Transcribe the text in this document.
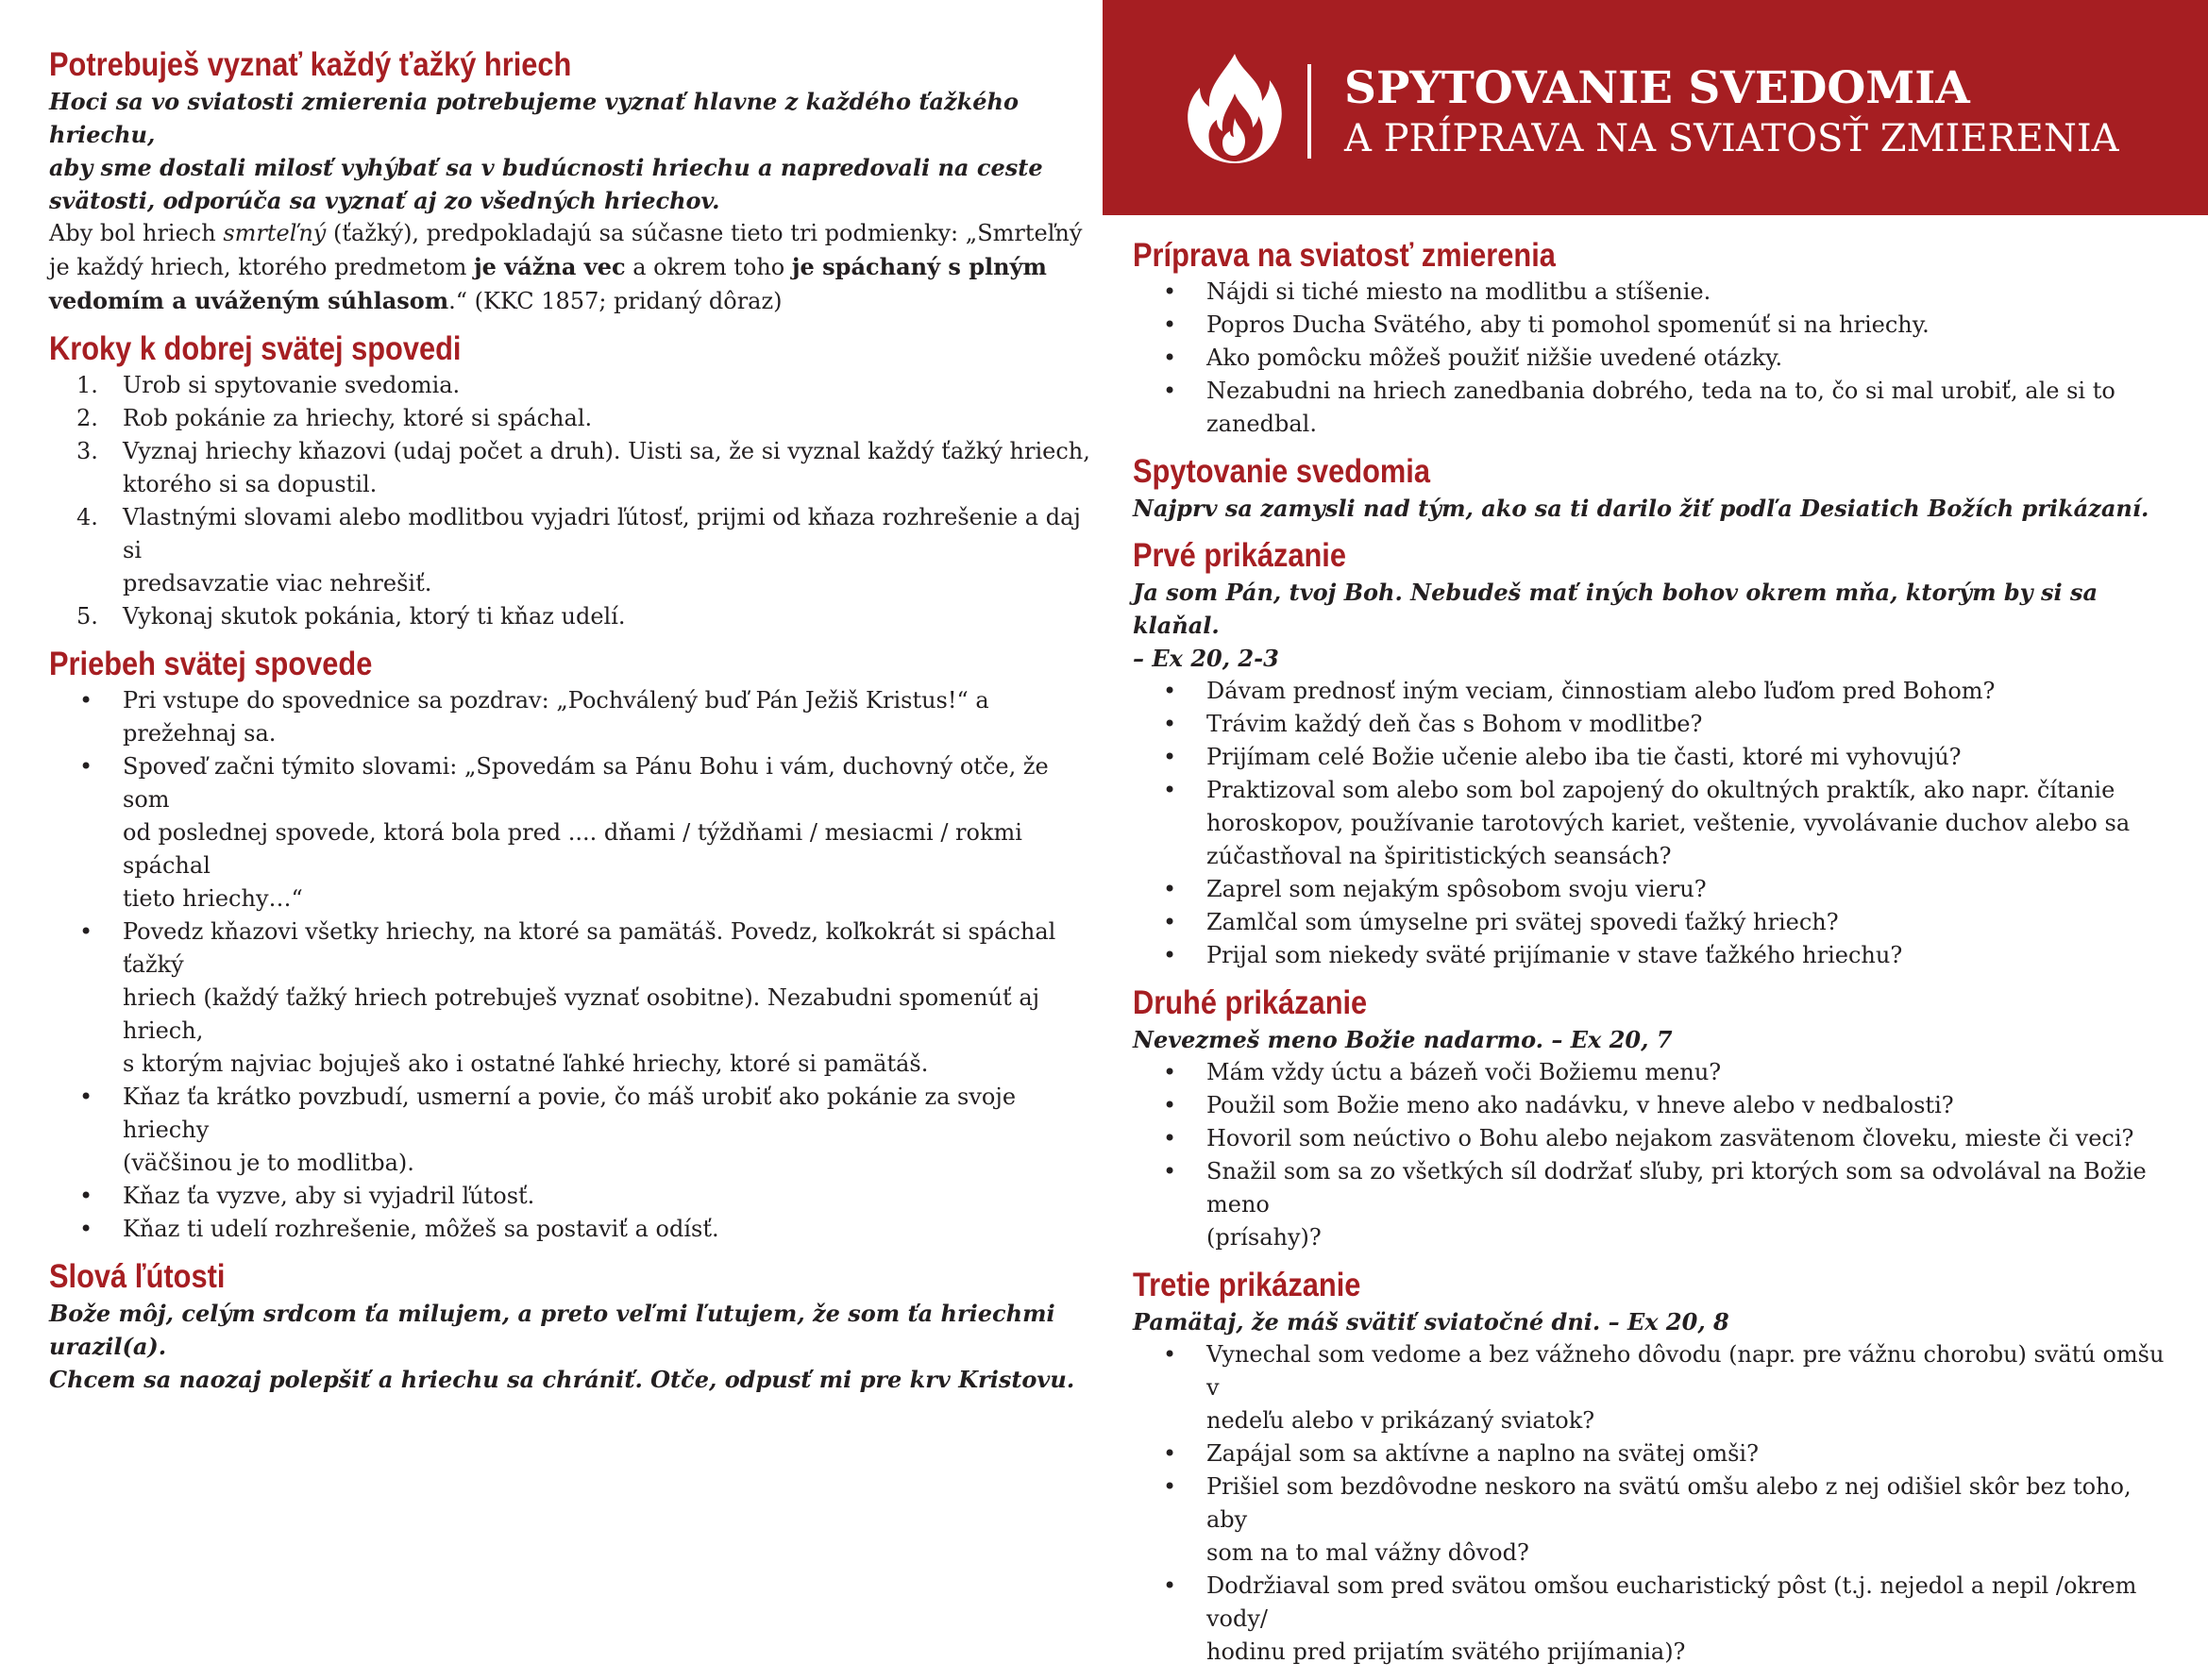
SPYTOVANIE SVEDOMIA
A PRÍPRAVA NA SVIATOSŤ ZMIERENIA
Potrebuješ vyznať každý ťažký hriech
Hoci sa vo sviatosti zmierenia potrebujeme vyznať hlavne z každého ťažkého hriechu,
aby sme dostali milosť vyhýbať sa v budúcnosti hriechu a napredovali na ceste
svätosti, odporúča sa vyznať aj zo všedných hriechov.
Aby bol hriech smrteľný (ťažký), predpokladajú sa súčasne tieto tri podmienky: „Smrteľný
je každý hriech, ktorého predmetom je vážna vec a okrem toho je spáchaný s plným
vedomím a uváženým súhlasom.“ (KKC 1857; pridaný dôraz)
Kroky k dobrej svätej spovedi
1. Urob si spytovanie svedomia.
2. Rob pokánie za hriechy, ktoré si spáchal.
3. Vyznaj hriechy kňazovi (udaj počet a druh). Uisti sa, že si vyznal každý ťažký hriech,
ktorého si sa dopustil.
4. Vlastnými slovami alebo modlitbou vyjadri ľútosť, prijmi od kňaza rozhrešenie a daj si
predsavzatie viac nehrešiť.
5. Vykonaj skutok pokánia, ktorý ti kňaz udelí.
Priebeh svätej spovede
• Pri vstupe do spovednice sa pozdrav: „Pochválený buď Pán Ježiš Kristus!“ a prežehnaj sa.
• Spoveď začni týmito slovami: „Spovedám sa Pánu Bohu i vám, duchovný otče, že som
od poslednej spovede, ktorá bola pred .... dňami / týždňami / mesiacmi / rokmi spáchal
tieto hriechy…“
• Povedz kňazovi všetky hriechy, na ktoré sa pamätáš. Povedz, koľkokrát si spáchal ťažký
hriech (každý ťažký hriech potrebuješ vyznať osobitne). Nezabudni spomenúť aj hriech,
s ktorým najviac bojuješ ako i ostatné ľahké hriechy, ktoré si pamätáš.
• Kňaz ťa krátko povzbudí, usmerní a povie, čo máš urobiť ako pokánie za svoje hriechy
(väčšinou je to modlitba).
• Kňaz ťa vyzve, aby si vyjadril ľútosť.
• Kňaz ti udelí rozhrešenie, môžeš sa postaviť a odísť.
Slová ľútosti
Bože môj, celým srdcom ťa milujem, a preto veľmi ľutujem, že som ťa hriechmi urazil(a).
Chcem sa naozaj polepšiť a hriechu sa chrániť. Otče, odpusť mi pre krv Kristovu.
Príprava na sviatosť zmierenia
• Nájdi si tiché miesto na modlitbu a stíšenie.
• Popros Ducha Svätého, aby ti pomohol spomenúť si na hriechy.
• Ako pomôcku môžeš použiť nižšie uvedené otázky.
• Nezabudni na hriech zanedbania dobrého, teda na to, čo si mal urobiť, ale si to zanedbal.
Spytovanie svedomia
Najprv sa zamysli nad tým, ako sa ti darilo žiť podľa Desiatich Božích prikázaní.
Prvé prikázanie
Ja som Pán, tvoj Boh. Nebudeš mať iných bohov okrem mňa, ktorým by si sa klaňal.
– Ex 20, 2-3
• Dávam prednosť iným veciam, činnostiam alebo ľuďom pred Bohom?
• Trávim každý deň čas s Bohom v modlitbe?
• Prijímam celé Božie učenie alebo iba tie časti, ktoré mi vyhovujú?
• Praktizoval som alebo som bol zapojený do okultných praktík, ako napr. čítanie
horoskopov, používanie tarotových kariet, veštenie, vyvolávanie duchov alebo sa
zúčastňoval na špiritistických seansách?
• Zaprel som nejakým spôsobom svoju vieru?
• Zamlčal som úmyselne pri svätej spovedi ťažký hriech?
• Prijal som niekedy sväté prijímanie v stave ťažkého hriechu?
Druhé prikázanie
Nevezmeš meno Božie nadarmo. – Ex 20, 7
• Mám vždy úctu a bázeň voči Božiemu menu?
• Použil som Božie meno ako nadávku, v hneve alebo v nedbalosti?
• Hovoril som neúctivo o Bohu alebo nejakom zasvätenom človeku, mieste či veci?
• Snažil som sa zo všetkých síl dodržať sľuby, pri ktorých som sa odvolával na Božie meno
(prísahy)?
Tretie prikázanie
Pamätaj, že máš svätiť sviatočné dni. – Ex 20, 8
• Vynechal som vedome a bez vážneho dôvodu (napr. pre vážnu chorobu) svätú omšu v
nedeľu alebo v prikázaný sviatok?
• Zapájal som sa aktívne a naplno na svätej omši?
• Prišiel som bezdôvodne neskoro na svätú omšu alebo z nej odišiel skôr bez toho, aby
som na to mal vážny dôvod?
• Dodržiaval som pred svätou omšou eucharistický pôst (t.j. nejedol a nepil /okrem vody/
hodinu pred prijatím svätého prijímania)?
